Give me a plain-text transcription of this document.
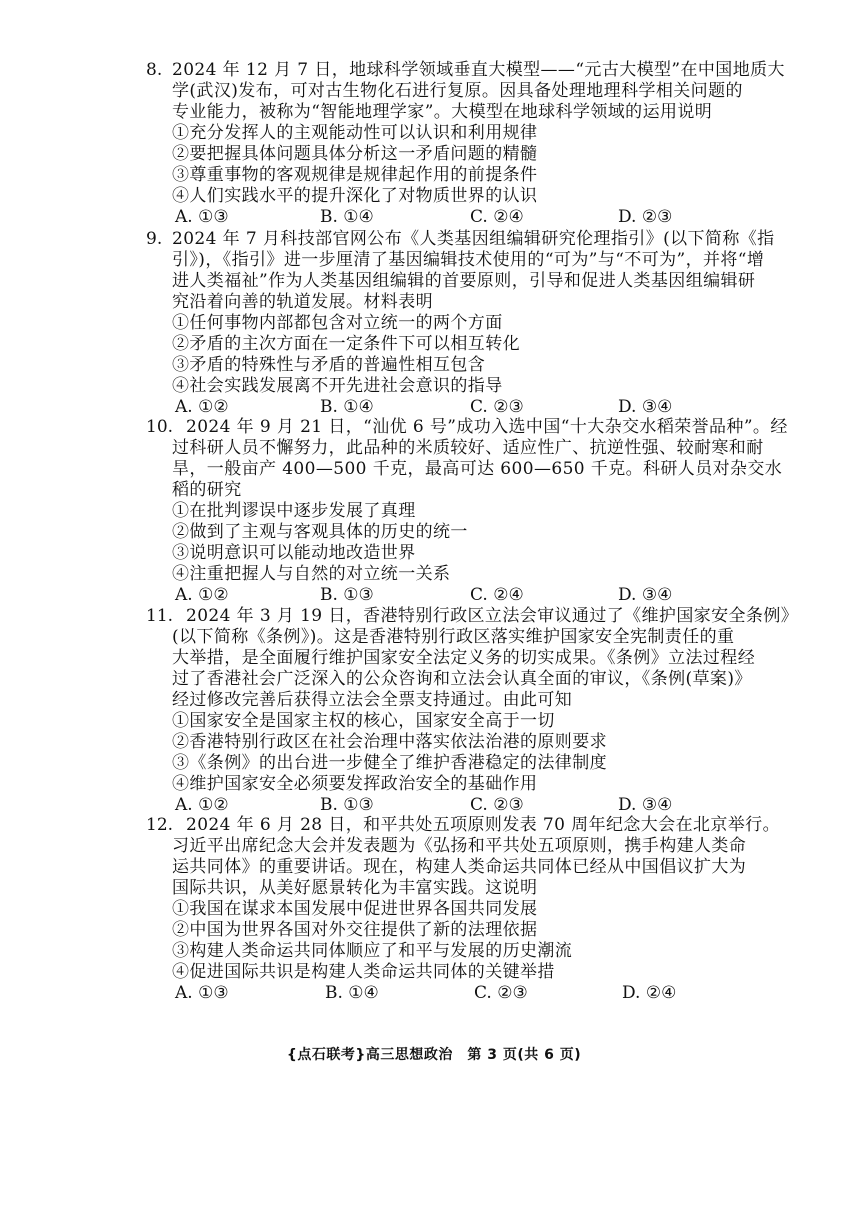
8. 2024 年 12 月 7 日，地球科学领域垂直大模型——“元古大模型”在中国地质大
学(武汉)发布，可对古生物化石进行复原。因具备处理地理科学相关问题的
专业能力，被称为“智能地理学家”。大模型在地球科学领域的运用说明
①充分发挥人的主观能动性可以认识和利用规律
②要把握具体问题具体分析这一矛盾问题的精髓
③尊重事物的客观规律是规律起作用的前提条件
④人们实践水平的提升深化了对物质世界的认识
A. ①③	B. ①④	C. ②④	D. ②③
9. 2024 年 7 月科技部官网公布《人类基因组编辑研究伦理指引》(以下简称《指
引》)，《指引》进一步厘清了基因编辑技术使用的“可为”与“不可为”，并将“增
进人类福祉”作为人类基因组编辑的首要原则，引导和促进人类基因组编辑研
究沿着向善的轨道发展。材料表明
①任何事物内部都包含对立统一的两个方面
②矛盾的主次方面在一定条件下可以相互转化
③矛盾的特殊性与矛盾的普遍性相互包含
④社会实践发展离不开先进社会意识的指导
A. ①②	B. ①④	C. ②③	D. ③④
10. 2024 年 9 月 21 日，“汕优 6 号”成功入选中国“十大杂交水稻荣誉品种”。经
过科研人员不懈努力，此品种的米质较好、适应性广、抗逆性强、较耐寒和耐
旱，一般亩产 400—500 千克，最高可达 600—650 千克。科研人员对杂交水
稻的研究
①在批判谬误中逐步发展了真理
②做到了主观与客观具体的历史的统一
③说明意识可以能动地改造世界
④注重把握人与自然的对立统一关系
A. ①②	B. ①③	C. ②④	D. ③④
11. 2024 年 3 月 19 日，香港特别行政区立法会审议通过了《维护国家安全条例》
(以下简称《条例》)。这是香港特别行政区落实维护国家安全宪制责任的重
大举措，是全面履行维护国家安全法定义务的切实成果。《条例》立法过程经
过了香港社会广泛深入的公众咨询和立法会认真全面的审议，《条例(草案)》
经过修改完善后获得立法会全票支持通过。由此可知
①国家安全是国家主权的核心，国家安全高于一切
②香港特别行政区在社会治理中落实依法治港的原则要求
③《条例》的出台进一步健全了维护香港稳定的法律制度
④维护国家安全必须要发挥政治安全的基础作用
A. ①②	B. ①③	C. ②③	D. ③④
12. 2024 年 6 月 28 日，和平共处五项原则发表 70 周年纪念大会在北京举行。
习近平出席纪念大会并发表题为《弘扬和平共处五项原则，携手构建人类命
运共同体》的重要讲话。现在，构建人类命运共同体已经从中国倡议扩大为
国际共识，从美好愿景转化为丰富实践。这说明
①我国在谋求本国发展中促进世界各国共同发展
②中国为世界各国对外交往提供了新的法理依据
③构建人类命运共同体顺应了和平与发展的历史潮流
④促进国际共识是构建人类命运共同体的关键举措
A. ①③	B. ①④	C. ②③	D. ②④
{点石联考}高三思想政治　第 3 页(共 6 页)
